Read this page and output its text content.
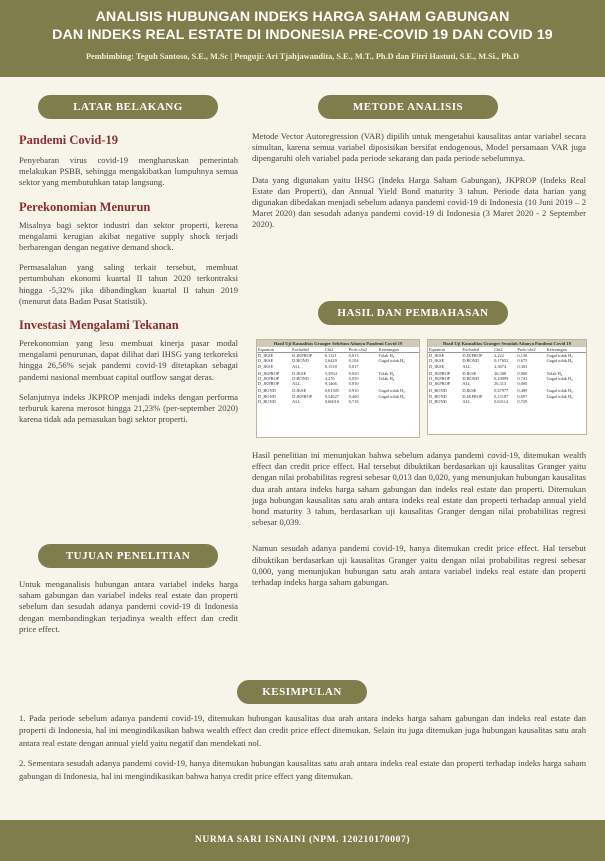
ANALISIS HUBUNGAN INDEKS HARGA SAHAM GABUNGAN
DAN INDEKS REAL ESTATE DI INDONESIA PRE-COVID 19 DAN COVID 19
Pembimbing: Teguh Santoso, S.E., M.Sc | Penguji: Ari Tjahjawandita, S.E., M.T., Ph.D dan Fitri Hastuti, S.E., M.Si., Ph.D
LATAR BELAKANG
Pandemi Covid-19

Penyebaran virus covid-19 mengharuskan pemerintah melakukan PSBB, sehingga mengakibatkan lumpuhnya semua sektor yang membutuhkan tatap langsung.

Perekonomian Menurun

Misalnya bagi sektor industri dan sektor properti, kerena mengalami kerugian akibat negative supply shock terjadi berbarengan dengan negative demand shock.

Permasalahan yang saling terkait tersebut, membuat pertumbuhan ekonomi kuartal II tahun 2020 terkontraksi hingga -5,32% jika dibandingkan kuartal II tahun 2019 (menurut data Badan Pusat Statistik).

Investasi Mengalami Tekanan

Perekonomian yang lesu membuat kinerja pasar modal mengalami penurunan, dapat dilihat dari IHSG yang terkoreksi hingga 26,56% sejak pandemi covid-19 ditetapkan sebagai pandemi nasional membuat capital outflow sangat deras.

Selanjutnya indeks JKPROP menjadi indeks dengan performa terburuk karena merosot hingga 21,23% (per-september 2020) karena tidak ada pemasukan bagi sektor properti.

TUJUAN PENELITIAN

Untuk menganalisis hubungan antara variabel indeks harga saham gabungan dan variabel indeks real estate dan properti sebelum dan sesudah adanya pandemi covid-19 di Indonesia dengan membandingkan terjadinya wealth effect dan credit price effect.

METODE ANALISIS

Metode Vector Autoregression (VAR) dipilih untuk mengetahui kausalitas antar variabel secara simultan, karena semua variabel diposisikan bersifat endogenous, Model persamaan VAR juga dipengaruhi oleh variabel pada periode sekarang dan pada periode sebelumnya.

Data yang digunakan yaitu IHSG (Indeks Harga Saham Gabungan), JKPROP (Indeks Real Estate dan Properti), dan Annual Yield Bond maturity 3 tahun. Periode data harian yang digunakan dibedakan menjadi sebelum adanya pandemi covid-19 di Indonesia (10 Juni 2019 – 2 Maret 2020) dan sesudah adanya pandemi covid-19 di Indonesia (3 Maret 2020 - 2 September 2020).

HASIL DAN PEMBAHASAN
Hasil Uji Kausalitas Granger Sebelum Adanya Pandemi Covid 19
Equation	Excluded	Chi2	Prob>chi2	Keterangan
D_IKSE	D.JKPROP	6.1321	0,013	Tolak H₀
D_IKSE	D.BOND	2,6429	0,104	Gagal tolak H₀
D_IKSE	ALL	8,1518	0,017	
D_JKPROP	D.IKSE	5,3954	0,020	Tolak H₀
D_JKPROP	D.BOND	4,276	0,039	Tolak H₀
D_JKPROP	ALL	9,1466	0,010	
D_BOND	D.IKSE	0,01305	0,910	Gagal tolak H₀
D_BOND	D.JKPROP	0,54627	0,460	Gagal tolak H₀
D_BOND	ALL	0,66016	0,718	
Hasil Uji Kausalitas Granger Sesudah Adanya Pandemi Covid 19
Equation	Excluded	Chi2	Prob>chi2	Keterangan
D_IKSE	D.JKPROP	2,222	0,136	Gagal tolak H₀
D_IKSE	D.BOND	0,17652	0,675	Gagal tolak H₀
D_IKSE	ALL	2,3874	0,303	
D_JKPROP	D.IKSE	26,308	0,000	Tolak H₀
D_JKPROP	D.BOND	0,10899	0,741	Gagal tolak H₀
D_JKPROP	ALL	26,313	0,000	
D_BOND	D.IKSE	0,47977	0,489	Gagal tolak H₀
D_BOND	D.JKPROP	0,15187	0,697	Gagal tolak H₀
D_BOND	ALL	0,63114	0,729	

Hasil penelitian ini menunjukan bahwa sebelum adanya pandemi covid-19, ditemukan wealth effect dan credit price effect. Hal tersebut dibuktikan berdasarkan uji kausalitas Granger yaitu dengan nilai probabilitas regresi sebesar 0,013 dan 0,020, yang menunjukan hubungan kausalitas dua arah antara indeks harga saham gabungan dan indeks real estate dan properti. Ditemukan juga hubungan kausalitas satu arah antara indeks real estate dan properti terhadap annual yield bond maturity 3 tahun, berdasarkan uji kausalitas Granger dengan nilai probabilitas regresi sebesar 0,039.

Namun sesudah adanya pandemi covid-19, hanya ditemukan credit price effect. Hal tersebut dibuktikan berdasarkan uji kausalitas Granger yaitu dengan nilai probabilitas regresi sebesar 0,000, yang menunjukan hubungan satu arah antara variabel indeks real estate dan properti terhadap indeks harga saham gabungan.

KESIMPULAN

1. Pada periode sebelum adanya pandemi covid-19, ditemukan hubungan kausalitas dua arah antara indeks harga saham gabungan dan indeks real estate dan properti di Indonesia, hal ini mengindikasikan bahwa wealth effect dan credit price effect ditemukan. Selain itu juga ditemukan juga hubungan kausalitas satu arah antara real estate dengan annual yield yaitu negatif dan mendekati nol.

2. Sementara sesudah adanya pandemi covid-19, hanya ditemukan hubungan kausalitas satu arah antara indeks real estate dan properti terhadap indeks harga saham gabungan di Indonesia, hal ini mengindikasikan bahwa hanya credit price effect yang ditemukan.

NURMA SARI ISNAINI (NPM. 120210170007)
